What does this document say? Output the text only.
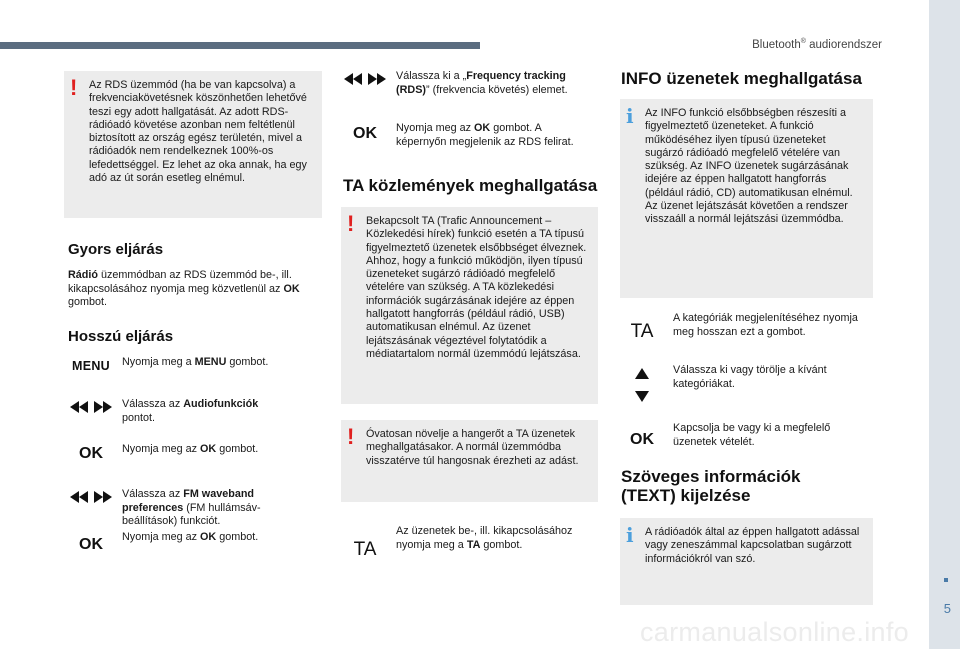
Bluetooth® audiorendszer
5
carmanualsonline.info
! Az RDS üzemmód (ha be van kapcsolva) a frekvenciakövetésnek köszönhetően lehetővé teszi egy adott hallgatását. Az adott RDS-rádióadó követése azonban nem feltétlenül biztosított az ország egész területén, mivel a rádióadók nem rendelkeznek 100%-os lefedettséggel. Ez lehet az oka annak, ha egy adó az út során esetleg elnémul.
Gyors eljárás
Rádió üzemmódban az RDS üzemmód be-, ill. kikapcsolásához nyomja meg közvetlenül az OK gombot.
Hosszú eljárás
MENU	Nyomja meg a MENU gombot.
Válassza az Audiofunkciók pontot.
OK	Nyomja meg az OK gombot.
Válassza az FM waveband preferences (FM hullámsáv-beállítások) funkciót.
OK	Nyomja meg az OK gombot.
Válassza ki a „Frequency tracking (RDS)” (frekvencia követés) elemet.
OK	Nyomja meg az OK gombot. A képernyőn megjelenik az RDS felirat.
TA közlemények meghallgatása
! Bekapcsolt TA (Trafic Announcement – Közlekedési hírek) funkció esetén a TA típusú figyelmeztető üzenetek elsőbbséget élveznek. Ahhoz, hogy a funkció működjön, ilyen típusú üzeneteket sugárzó rádióadó megfelelő vételére van szükség. A TA közlekedési információk sugárzásának idejére az éppen hallgatott hangforrás (például rádió, USB) automatikusan elnémul. Az üzenet lejátszásának végeztével folytatódik a médiatartalom normál üzemmódú lejátszása.
! Óvatosan növelje a hangerőt a TA üzenetek meghallgatásakor. A normál üzemmódba visszatérve túl hangosnak érezheti az adást.
TA
Az üzenetek be-, ill. kikapcsolásához nyomja meg a TA gombot.
INFO üzenetek meghallgatása
i Az INFO funkció elsőbbségben részesíti a figyelmeztető üzeneteket. A funkció működéséhez ilyen típusú üzeneteket sugárzó rádióadó megfelelő vételére van szükség. Az INFO üzenetek sugárzásának idejére az éppen hallgatott hangforrás (például rádió, CD) automatikusan elnémul. Az üzenet lejátszását követően a rendszer visszaáll a normál lejátszási üzemmódba.
TA
A kategóriák megjelenítéséhez nyomja meg hosszan ezt a gombot.
Válassza ki vagy törölje a kívánt kategóriákat.
OK
Kapcsolja be vagy ki a megfelelő üzenetek vételét.
Szöveges információk
(TEXT) kijelzése
i A rádióadók által az éppen hallgatott adással vagy zeneszámmal kapcsolatban sugárzott információkról van szó.
